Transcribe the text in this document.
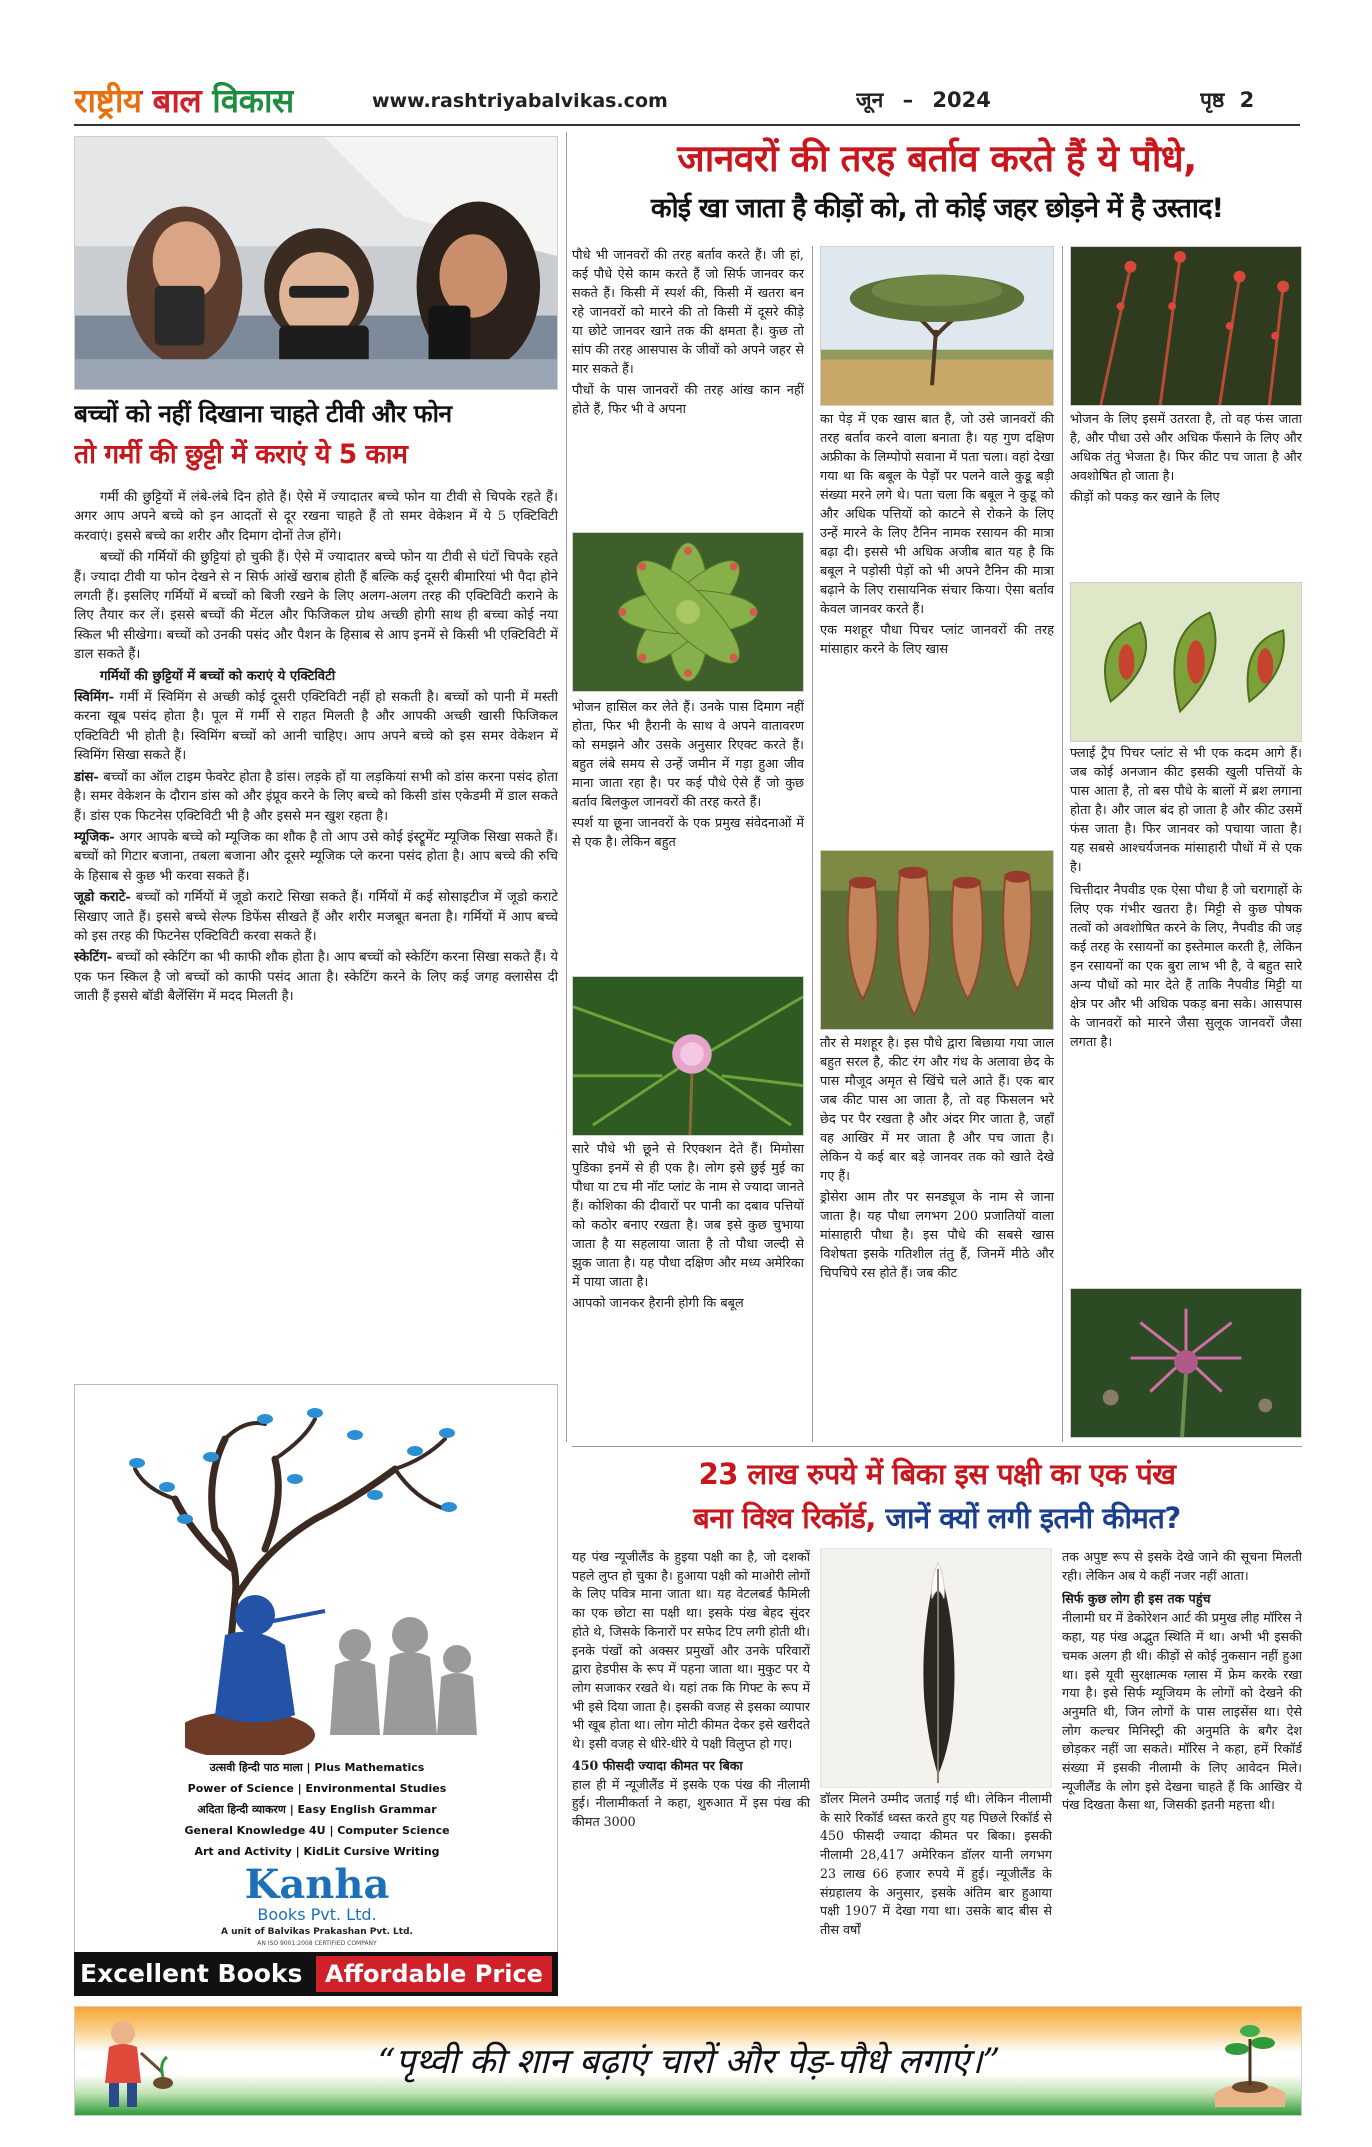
राष्ट्रीय बाल विकास	www.rashtriyabalvikas.com	जून – 2024	पृष्ठ 2
बच्चों को नहीं दिखाना चाहते टीवी और फोन
तो गर्मी की छुट्टी में कराएं ये 5 काम

गर्मी की छुट्टियों में लंबे-लंबे दिन होते हैं। ऐसे में ज्यादातर बच्चे फोन या टीवी से चिपके रहते हैं। अगर आप अपने बच्चे को इन आदतों से दूर रखना चाहते हैं तो समर वेकेशन में ये 5 एक्टिविटी करवाएं। इससे बच्चे का शरीर और दिमाग दोनों तेज होंगे।

बच्चों की गर्मियों की छुट्टियां हो चुकी हैं। ऐसे में ज्यादातर बच्चे फोन या टीवी से घंटों चिपके रहते हैं। ज्यादा टीवी या फोन देखने से न सिर्फ आंखें खराब होती हैं बल्कि कई दूसरी बीमारियां भी पैदा होने लगती हैं। इसलिए गर्मियों में बच्चों को बिजी रखने के लिए अलग-अलग तरह की एक्टिविटी कराने के लिए तैयार कर लें। इससे बच्चों की मेंटल और फिजिकल ग्रोथ अच्छी होगी साथ ही बच्चा कोई नया स्किल भी सीखेगा। बच्चों को उनकी पसंद और पैशन के हिसाब से आप इनमें से किसी भी एक्टिविटी में डाल सकते हैं।

गर्मियों की छुट्टियों में बच्चों को कराएं ये एक्टिविटी

स्विमिंग- गर्मी में स्विमिंग से अच्छी कोई दूसरी एक्टिविटी नहीं हो सकती है। बच्चों को पानी में मस्ती करना खूब पसंद होता है। पूल में गर्मी से राहत मिलती है और आपकी अच्छी खासी फिजिकल एक्टिविटी भी होती है। स्विमिंग बच्चों को आनी चाहिए। आप अपने बच्चे को इस समर वेकेशन में स्विमिंग सिखा सकते हैं।

डांस- बच्चों का ऑल टाइम फेवरेट होता है डांस। लड़के हों या लड़कियां सभी को डांस करना पसंद होता है। समर वेकेशन के दौरान डांस को और इंप्रूव करने के लिए बच्चे को किसी डांस एकेडमी में डाल सकते हैं। डांस एक फिटनेस एक्टिविटी भी है और इससे मन खुश रहता है।

म्यूजिक- अगर आपके बच्चे को म्यूजिक का शौक है तो आप उसे कोई इंस्ट्रूमेंट म्यूजिक सिखा सकते हैं। बच्चों को गिटार बजाना, तबला बजाना और दूसरे म्यूजिक प्ले करना पसंद होता है। आप बच्चे की रुचि के हिसाब से कुछ भी करवा सकते हैं।

जूडो कराटे- बच्चों को गर्मियों में जूडो कराटे सिखा सकते हैं। गर्मियों में कई सोसाइटीज में जूडो कराटे सिखाए जाते हैं। इससे बच्चे सेल्फ डिफेंस सीखते हैं और शरीर मजबूत बनता है। गर्मियों में आप बच्चे को इस तरह की फिटनेस एक्टिविटी करवा सकते हैं।

स्केटिंग- बच्चों को स्केटिंग का भी काफी शौक होता है। आप बच्चों को स्केटिंग करना सिखा सकते हैं। ये एक फन स्किल है जो बच्चों को काफी पसंद आता है। स्केटिंग करने के लिए कई जगह क्लासेस दी जाती हैं इससे बॉडी बैलेंसिंग में मदद मिलती है।

उत्सवी हिन्दी पाठ माला | Plus Mathematics
Power of Science | Environmental Studies
अदिता हिन्दी व्याकरण | Easy English Grammar
General Knowledge 4U | Computer Science
Art and Activity | KidLit Cursive Writing
Kanha
Books Pvt. Ltd.
A unit of Balvikas Prakashan Pvt. Ltd.
AN ISO 9001:2008 CERTIFIED COMPANY
Excellent Books Affordable Price
जानवरों की तरह बर्ताव करते हैं ये पौधे,
कोई खा जाता है कीड़ों को, तो कोई जहर छोड़ने में है उस्ताद!

पौधे भी जानवरों की तरह बर्ताव करते हैं। जी हां, कई पौधे ऐसे काम करते हैं जो सिर्फ जानवर कर सकते हैं। किसी में स्पर्श की, किसी में खतरा बन रहे जानवरों को मारने की तो किसी में दूसरे कीड़े या छोटे जानवर खाने तक की क्षमता है। कुछ तो सांप की तरह आसपास के जीवों को अपने जहर से मार सकते हैं।

पौधों के पास जानवरों की तरह आंख कान नहीं होते हैं, फिर भी वे अपना

भोजन हासिल कर लेते हैं। उनके पास दिमाग नहीं होता, फिर भी हैरानी के साथ वे अपने वातावरण को समझने और उसके अनुसार रिएक्ट करते हैं। बहुत लंबे समय से उन्हें जमीन में गड़ा हुआ जीव माना जाता रहा है। पर कई पौधे ऐसे हैं जो कुछ बर्ताव बिलकुल जानवरों की तरह करते हैं।

स्पर्श या छूना जानवरों के एक प्रमुख संवेदनाओं में से एक है। लेकिन बहुत

सारे पौधे भी छूने से रिएक्शन देते हैं। मिमोसा पुडिका इनमें से ही एक है। लोग इसे छुई मुई का पौधा या टच मी नॉट प्लांट के नाम से ज्यादा जानते हैं। कोशिका की दीवारों पर पानी का दबाव पत्तियों को कठोर बनाए रखता है। जब इसे कुछ चुभाया जाता है या सहलाया जाता है तो पौधा जल्दी से झुक जाता है। यह पौधा दक्षिण और मध्य अमेरिका में पाया जाता है।

आपको जानकर हैरानी होगी कि बबूल

का पेड़ में एक खास बात है, जो उसे जानवरों की तरह बर्ताव करने वाला बनाता है। यह गुण दक्षिण अफ्रीका के लिम्पोपो सवाना में पता चला। वहां देखा गया था कि बबूल के पेड़ों पर पलने वाले कुडू बड़ी संख्या मरने लगे थे। पता चला कि बबूल ने कुडू को और अधिक पत्तियों को काटने से रोकने के लिए उन्हें मारने के लिए टैनिन नामक रसायन की मात्रा बढ़ा दी। इससे भी अधिक अजीब बात यह है कि बबूल ने पड़ोसी पेड़ों को भी अपने टैनिन की मात्रा बढ़ाने के लिए रासायनिक संचार किया। ऐसा बर्ताव केवल जानवर करते हैं।

एक मशहूर पौधा पिचर प्लांट जानवरों की तरह मांसाहार करने के लिए खास

तौर से मशहूर है। इस पौधे द्वारा बिछाया गया जाल बहुत सरल है, कीट रंग और गंध के अलावा छेद के पास मौजूद अमृत से खिंचे चले आते हैं। एक बार जब कीट पास आ जाता है, तो वह फिसलन भरे छेद पर पैर रखता है और अंदर गिर जाता है, जहाँ वह आखिर में मर जाता है और पच जाता है। लेकिन ये कई बार बड़े जानवर तक को खाते देखे गए हैं।

ड्रोसेरा आम तौर पर सनड्यूज के नाम से जाना जाता है। यह पौधा लगभग 200 प्रजातियों वाला मांसाहारी पौधा है। इस पौधे की सबसे खास विशेषता इसके गतिशील तंतु हैं, जिनमें मीठे और चिपचिपे रस होते हैं। जब कीट

भोजन के लिए इसमें उतरता है, तो वह फंस जाता है, और पौधा उसे और अधिक फँसाने के लिए और अधिक तंतु भेजता है। फिर कीट पच जाता है और अवशोषित हो जाता है।

कीड़ों को पकड़ कर खाने के लिए

फ्लाई ट्रैप पिचर प्लांट से भी एक कदम आगे हैं। जब कोई अनजान कीट इसकी खुली पत्तियों के पास आता है, तो बस पौधे के बालों में ब्रश लगाना होता है। और जाल बंद हो जाता है और कीट उसमें फंस जाता है। फिर जानवर को पचाया जाता है। यह सबसे आश्चर्यजनक मांसाहारी पौधों में से एक है।

चित्तीदार नैपवीड एक ऐसा पौधा है जो चरागाहों के लिए एक गंभीर खतरा है। मिट्टी से कुछ पोषक तत्वों को अवशोषित करने के लिए, नैपवीड की जड़ कई तरह के रसायनों का इस्तेमाल करती है, लेकिन इन रसायनों का एक बुरा लाभ भी है, वे बहुत सारे अन्य पौधों को मार देते हैं ताकि नैपवीड मिट्टी या क्षेत्र पर और भी अधिक पकड़ बना सके। आसपास के जानवरों को मारने जैसा सुलूक जानवरों जैसा लगता है।

23 लाख रुपये में बिका इस पक्षी का एक पंख
बना विश्व रिकॉर्ड, जानें क्यों लगी इतनी कीमत?

यह पंख न्यूजीलैंड के हुइया पक्षी का है, जो दशकों पहले लुप्त हो चुका है। हुआया पक्षी को माओरी लोगों के लिए पवित्र माना जाता था। यह वेटलबर्ड फैमिली का एक छोटा सा पक्षी था। इसके पंख बेहद सुंदर होते थे, जिसके किनारों पर सफेद टिप लगी होती थी। इनके पंखों को अक्सर प्रमुखों और उनके परिवारों द्वारा हेडपीस के रूप में पहना जाता था। मुकुट पर ये लोग सजाकर रखते थे। यहां तक कि गिफ्ट के रूप में भी इसे दिया जाता है। इसकी वजह से इसका व्यापार भी खूब होता था। लोग मोटी कीमत देकर इसे खरीदते थे। इसी वजह से धीरे-धीरे ये पक्षी विलुप्त हो गए।

450 फीसदी ज्यादा कीमत पर बिका

हाल ही में न्यूजीलैंड में इसके एक पंख की नीलामी हुई। नीलामीकर्ता ने कहा, शुरुआत में इस पंख की कीमत 3000

डॉलर मिलने उम्मीद जताई गई थी। लेकिन नीलामी के सारे रिकॉर्ड ध्वस्त करते हुए यह पिछले रिकॉर्ड से 450 फीसदी ज्यादा कीमत पर बिका। इसकी नीलामी 28,417 अमेरिकन डॉलर यानी लगभग 23 लाख 66 हजार रुपये में हुई। न्यूजीलैंड के संग्रहालय के अनुसार, इसके अंतिम बार हुआया पक्षी 1907 में देखा गया था। उसके बाद बीस से तीस वर्षों

तक अपुष्ट रूप से इसके देखे जाने की सूचना मिलती रही। लेकिन अब ये कहीं नजर नहीं आता।

सिर्फ कुछ लोग ही इस तक पहुंच

नीलामी घर में डेकोरेशन आर्ट की प्रमुख लीह मॉरिस ने कहा, यह पंख अद्भुत स्थिति में था। अभी भी इसकी चमक अलग ही थी। कीड़ों से कोई नुकसान नहीं हुआ था। इसे यूवी सुरक्षात्मक ग्लास में फ्रेम करके रखा गया है। इसे सिर्फ म्यूजियम के लोगों को देखने की अनुमति थी, जिन लोगों के पास लाइसेंस था। ऐसे लोग कल्चर मिनिस्ट्री की अनुमति के बगैर देश छोड़कर नहीं जा सकते। मॉरिस ने कहा, हमें रिकॉर्ड संख्या में इसकी नीलामी के लिए आवेदन मिले। न्यूजीलैंड के लोग इसे देखना चाहते हैं कि आखिर ये पंख दिखता कैसा था, जिसकी इतनी महत्ता थी।

“पृथ्वी की शान बढ़ाएं चारों और पेड़-पौधे लगाएं।”
